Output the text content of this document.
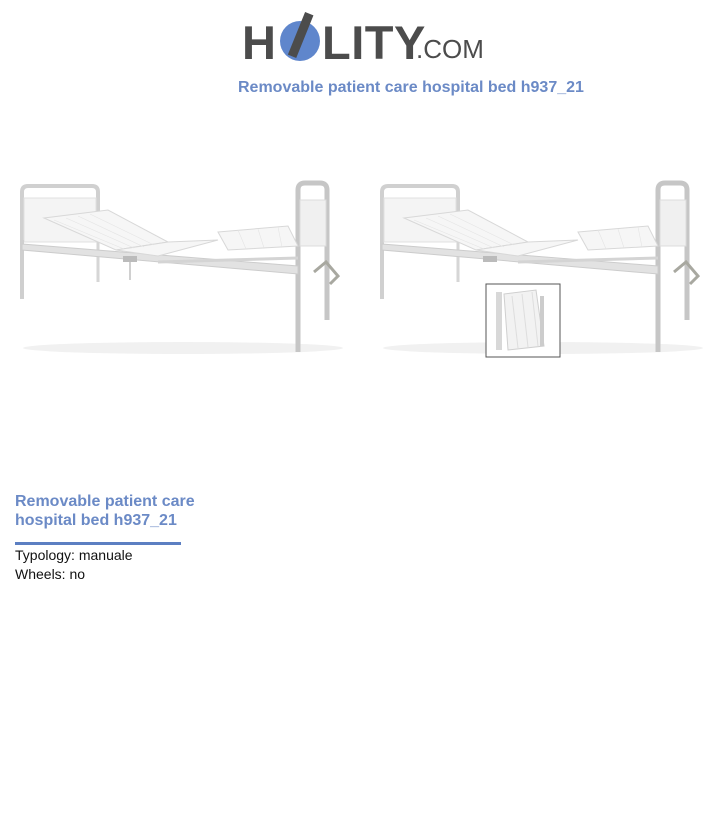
H LITY
.COM
Removable patient care hospital bed h937_21
Removable patient care hospital bed h937_21
Typology: manuale
Wheels: no
